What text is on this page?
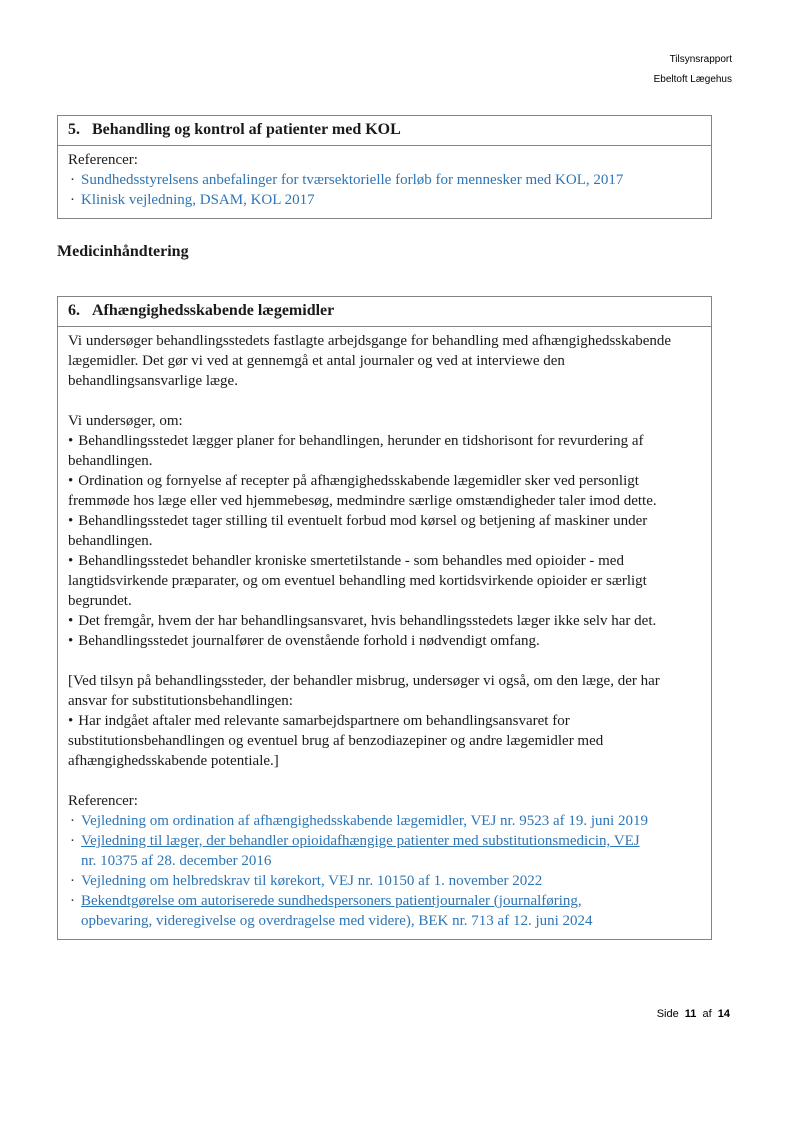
Tilsynsrapport
Ebeltoft Lægehus
5. Behandling og kontrol af patienter med KOL
Referencer:
· Sundhedsstyrelsens anbefalinger for tværsektorielle forløb for mennesker med KOL, 2017
· Klinisk vejledning, DSAM, KOL 2017
Medicinhåndtering
6. Afhængighedsskabende lægemidler
Vi undersøger behandlingsstedets fastlagte arbejdsgange for behandling med afhængighedsskabende lægemidler. Det gør vi ved at gennemgå et antal journaler og ved at interviewe den behandlingsansvarlige læge.
Vi undersøger, om:
• Behandlingsstedet lægger planer for behandlingen, herunder en tidshorisont for revurdering af behandlingen.
• Ordination og fornyelse af recepter på afhængighedsskabende lægemidler sker ved personligt fremmøde hos læge eller ved hjemmebesøg, medmindre særlige omstændigheder taler imod dette.
• Behandlingsstedet tager stilling til eventuelt forbud mod kørsel og betjening af maskiner under behandlingen.
• Behandlingsstedet behandler kroniske smertetilstande - som behandles med opioider - med langtidsvirkende præparater, og om eventuel behandling med kortidsvirkende opioider er særligt begrundet.
• Det fremgår, hvem der har behandlingsansvaret, hvis behandlingsstedets læger ikke selv har det.
• Behandlingsstedet journalfører de ovenstående forhold i nødvendigt omfang.
[Ved tilsyn på behandlingssteder, der behandler misbrug, undersøger vi også, om den læge, der har ansvar for substitutionsbehandlingen:
• Har indgået aftaler med relevante samarbejdspartnere om behandlingsansvaret for substitutionsbehandlingen og eventuel brug af benzodiazepiner og andre lægemidler med afhængighedsskabende potentiale.]
Referencer:
· Vejledning om ordination af afhængighedsskabende lægemidler, VEJ nr. 9523 af 19. juni 2019
· Vejledning til læger, der behandler opioidafhængige patienter med substitutionsmedicin, VEJ
nr. 10375 af 28. december 2016
· Vejledning om helbredskrav til kørekort, VEJ nr. 10150 af 1. november 2022
· Bekendtgørelse om autoriserede sundhedspersoners patientjournaler (journalføring,
opbevaring, videregivelse og overdragelse med videre), BEK nr. 713 af 12. juni 2024
Side 11 af 14
